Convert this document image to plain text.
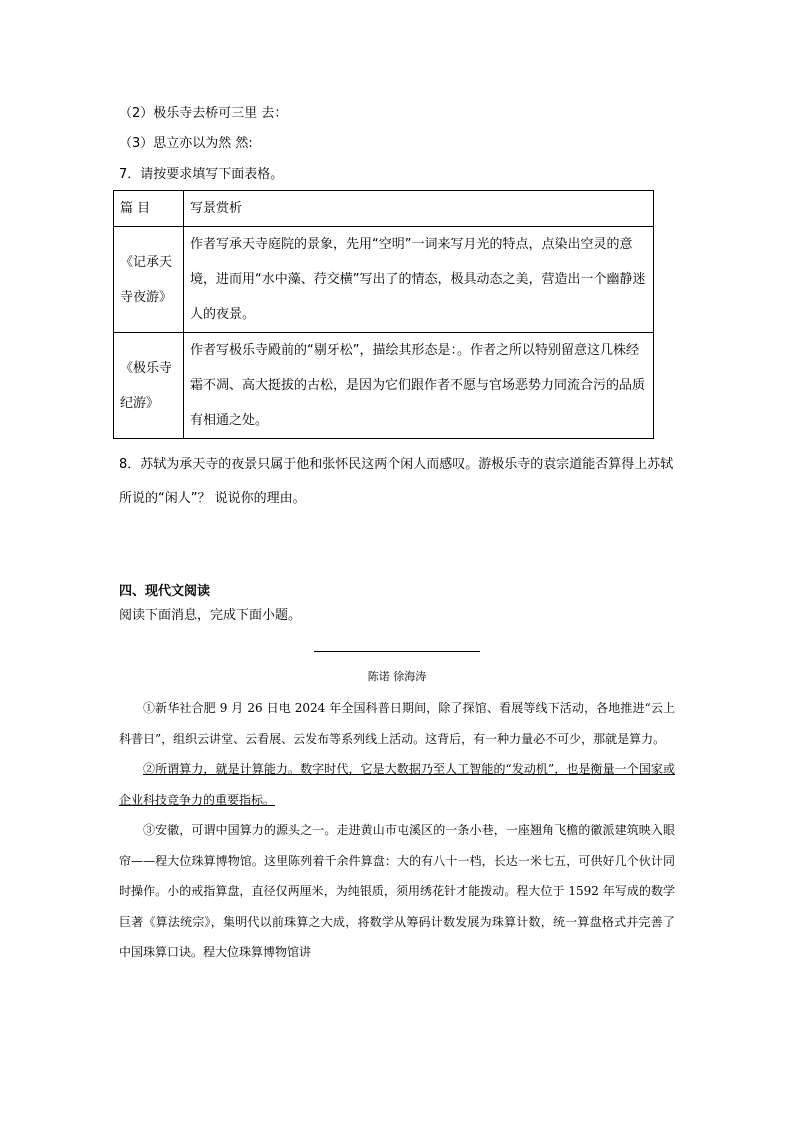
（2）极乐寺去桥可三里 去：
（3）思立亦以为然 然:
7．请按要求填写下面表格。
篇 目	写景赏析
《记承天寺夜游》	作者写承天寺庭院的景象，先用“空明”一词来写月光的特点，点染出空灵的意境，进而用“水中藻、荇交横”写出了的情态，极具动态之美，营造出一个幽静迷人的夜景。
《极乐寺纪游》	作者写极乐寺殿前的“剔牙松”，描绘其形态是：。作者之所以特别留意这几株经霜不凋、高大挺拔的古松，是因为它们跟作者不愿与官场恶势力同流合污的品质有相通之处。
8．苏轼为承天寺的夜景只属于他和张怀民这两个闲人而感叹。游极乐寺的袁宗道能否算得上苏轼所说的“闲人”？ 说说你的理由。
四、现代文阅读
阅读下面消息，完成下面小题。
陈诺 徐海涛

①新华社合肥 9 月 26 日电 2024 年全国科普日期间，除了探馆、看展等线下活动，各地推进“云上科普日”，组织云讲堂、云看展、云发布等系列线上活动。这背后，有一种力量必不可少，那就是算力。

②所谓算力，就是计算能力。数字时代，它是大数据乃至人工智能的“发动机”，也是衡量一个国家或企业科技竞争力的重要指标。

③安徽，可谓中国算力的源头之一。走进黄山市屯溪区的一条小巷，一座翘角飞檐的徽派建筑映入眼帘——程大位珠算博物馆。这里陈列着千余件算盘：大的有八十一档，长达一米七五，可供好几个伙计同时操作。小的戒指算盘，直径仅两厘米，为纯银质，须用绣花针才能拨动。程大位于 1592 年写成的数学巨著《算法统宗》，集明代以前珠算之大成，将数学从筹码计数发展为珠算计数，统一算盘格式并完善了中国珠算口诀。程大位珠算博物馆讲
